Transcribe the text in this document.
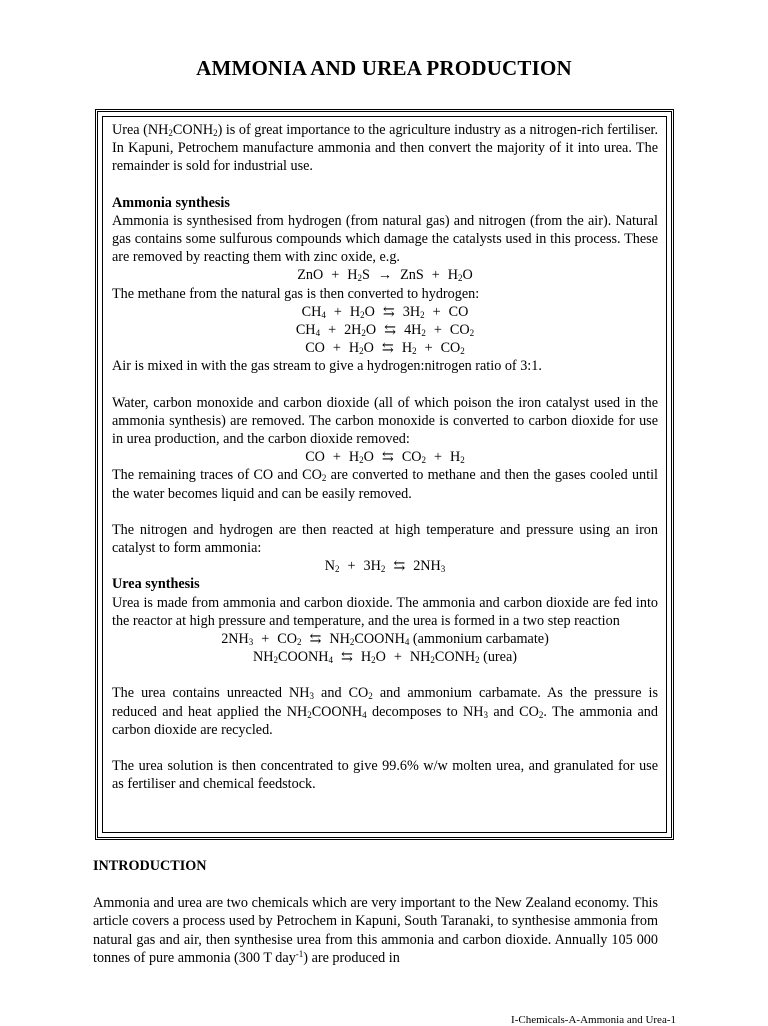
AMMONIA AND UREA PRODUCTION

Urea $(NH_2CONH_2)$ is of great importance to the agriculture industry as a nitrogen-rich fertiliser. In Kapuni, Petrochem manufacture ammonia and then convert the majority of it into urea. The remainder is sold for industrial use.

Ammonia synthesis

Ammonia is synthesised from hydrogen (from natural gas) and nitrogen (from the air). Natural gas contains some sulfurous compounds which damage the catalysts used in this process. These are removed by reacting them with zinc oxide, e.g.

ZnO + $H_2S$ → ZnS + $H_2O$

The methane from the natural gas is then converted to hydrogen:

$CH_4 + H_2O$ ⇆ $3H_2$ + CO

$CH_4 + 2H_2O$ ⇆ $4H_2 + CO_2$

CO + $H_2O$ ⇆ $H_2 + CO_2$

Air is mixed in with the gas stream to give a hydrogen:nitrogen ratio of 3:1.

Water, carbon monoxide and carbon dioxide (all of which poison the iron catalyst used in the ammonia synthesis) are removed. The carbon monoxide is converted to carbon dioxide for use in urea production, and the carbon dioxide removed:

CO + $H_2O$ ⇆ $CO_2 + H_2$

The remaining traces of CO and $CO_2$ are converted to methane and then the gases cooled until the water becomes liquid and can be easily removed.

The nitrogen and hydrogen are then reacted at high temperature and pressure using an iron catalyst to form ammonia:

$N_2 + 3H_2$ ⇆ $2NH_3$

Urea synthesis

Urea is made from ammonia and carbon dioxide. The ammonia and carbon dioxide are fed into the reactor at high pressure and temperature, and the urea is formed in a two step reaction

$2NH_3 + CO_2$ ⇆ $NH_2COONH_4$ (ammonium carbamate)

$NH_2COONH_4$ ⇆ $H_2O$ + $NH_2CONH_2$ (urea)

The urea contains unreacted $NH_3$ and $CO_2$ and ammonium carbamate. As the pressure is reduced and heat applied the $NH_2COONH_4$ decomposes to $NH_3$ and $CO_2$. The ammonia and carbon dioxide are recycled.

The urea solution is then concentrated to give 99.6% w/w molten urea, and granulated for use as fertiliser and chemical feedstock.

INTRODUCTION

Ammonia and urea are two chemicals which are very important to the New Zealand economy. This article covers a process used by Petrochem in Kapuni, South Taranaki, to synthesise ammonia from natural gas and air, then synthesise urea from this ammonia and carbon dioxide. Annually 105 000 tonnes of pure ammonia (300 T day$^{-1}$) are produced in

I-Chemicals-A-Ammonia and Urea-1
